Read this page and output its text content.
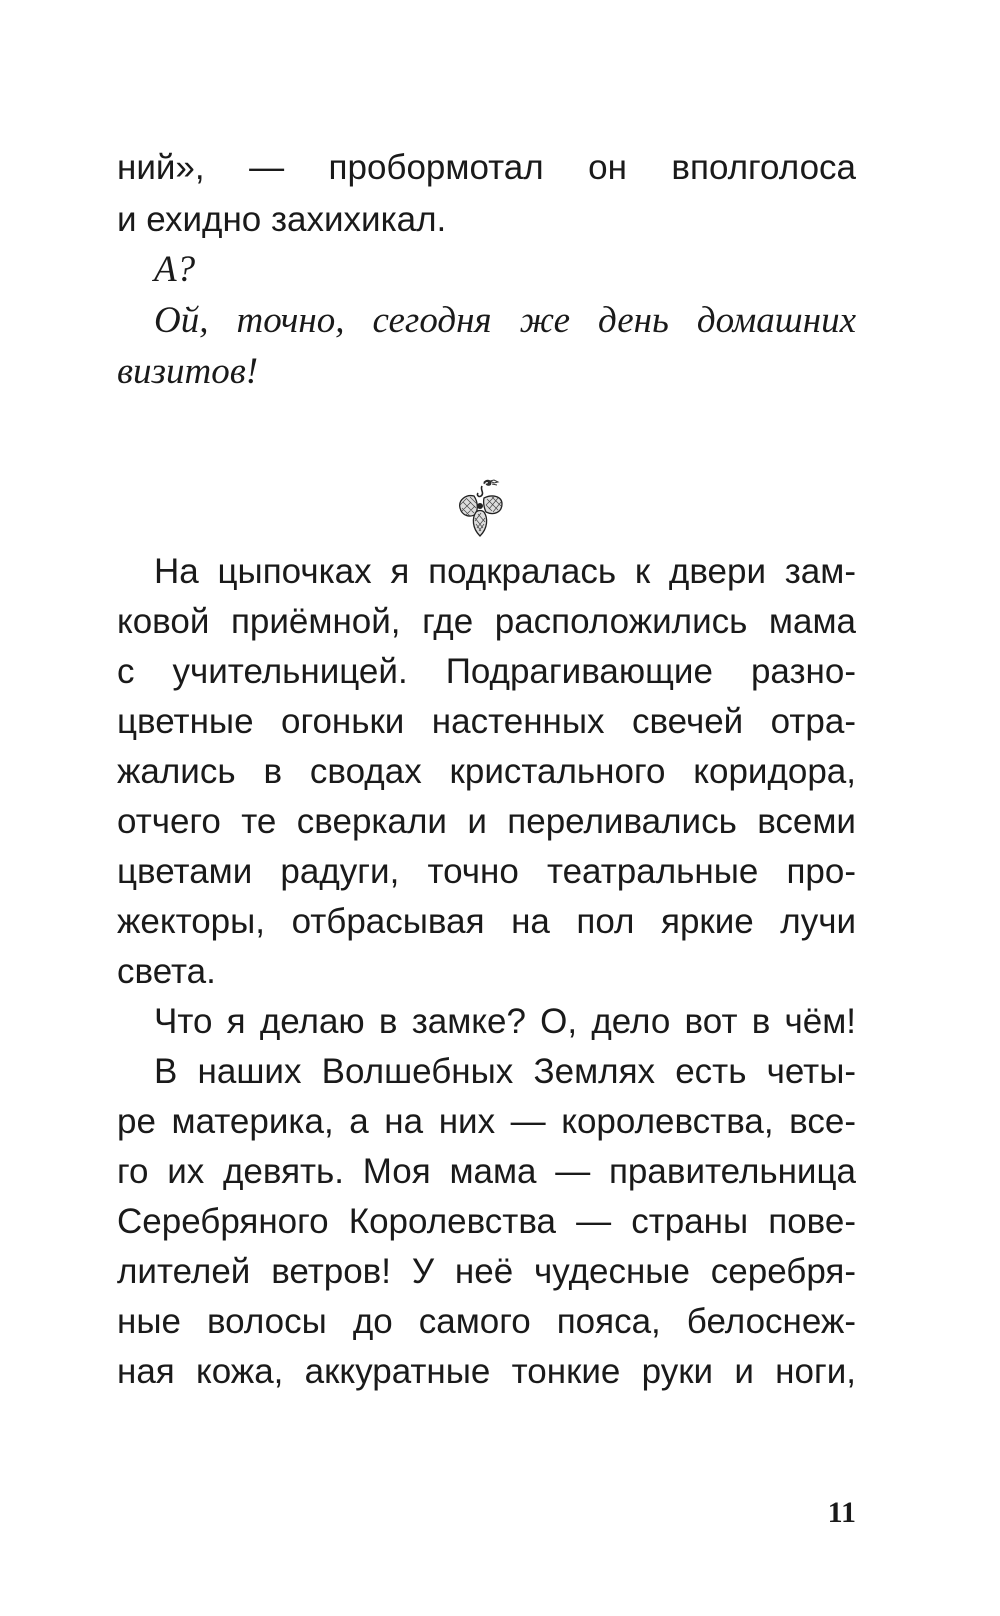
ний», — пробормотал он вполголоса
и ехидно захихикал.
А?
Ой, точно, сегодня же день домашних
визитов!
На цыпочках я подкралась к двери зам-
ковой приёмной, где расположились мама
с учительницей. Подрагивающие разно-
цветные огоньки настенных свечей отра-
жались в сводах кристального коридора,
отчего те сверкали и переливались всеми
цветами радуги, точно театральные про-
жекторы, отбрасывая на пол яркие лучи
света.
Что я делаю в замке? О, дело вот в чём!
В наших Волшебных Землях есть четы-
ре материка, а на них — королевства, все-
го их девять. Моя мама — правительница
Серебряного Королевства — страны пове-
лителей ветров! У неё чудесные серебря-
ные волосы до самого пояса, белоснеж-
ная кожа, аккуратные тонкие руки и ноги,
11
